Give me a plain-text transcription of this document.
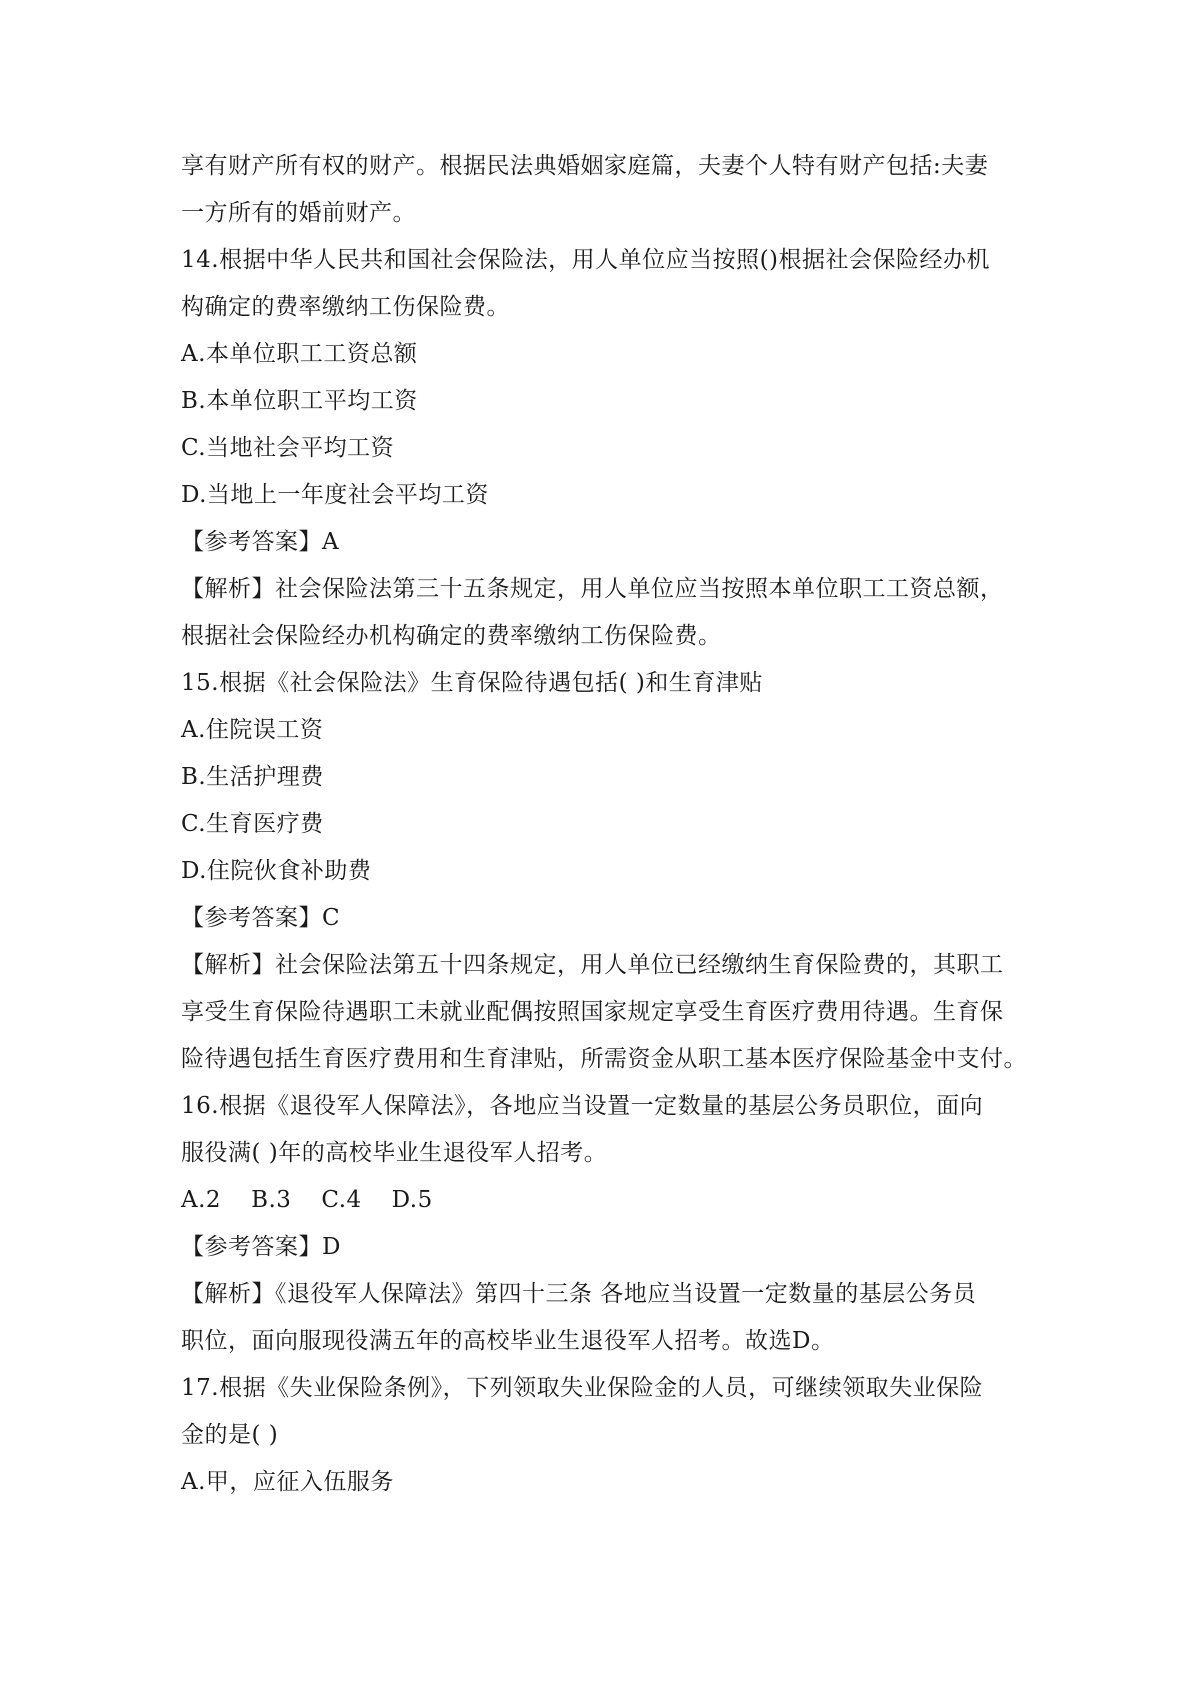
享有财产所有权的财产。根据民法典婚姻家庭篇，夫妻个人特有财产包括:夫妻
一方所有的婚前财产。
14.根据中华人民共和国社会保险法，用人单位应当按照()根据社会保险经办机
构确定的费率缴纳工伤保险费。
A.本单位职工工资总额
B.本单位职工平均工资
C.当地社会平均工资
D.当地上一年度社会平均工资
【参考答案】A
【解析】社会保险法第三十五条规定，用人单位应当按照本单位职工工资总额，
根据社会保险经办机构确定的费率缴纳工伤保险费。
15.根据《社会保险法》生育保险待遇包括( )和生育津贴
A.住院误工资
B.生活护理费
C.生育医疗费
D.住院伙食补助费
【参考答案】C
【解析】社会保险法第五十四条规定，用人单位已经缴纳生育保险费的，其职工
享受生育保险待遇职工未就业配偶按照国家规定享受生育医疗费用待遇。生育保
险待遇包括生育医疗费用和生育津贴，所需资金从职工基本医疗保险基金中支付。
16.根据《退役军人保障法》，各地应当设置一定数量的基层公务员职位，面向
服役满( )年的高校毕业生退役军人招考。
A.2 B.3 C.4 D.5
【参考答案】D
【解析】《退役军人保障法》第四十三条 各地应当设置一定数量的基层公务员
职位，面向服现役满五年的高校毕业生退役军人招考。故选D。
17.根据《失业保险条例》，下列领取失业保险金的人员，可继续领取失业保险
金的是( )
A.甲，应征入伍服务
